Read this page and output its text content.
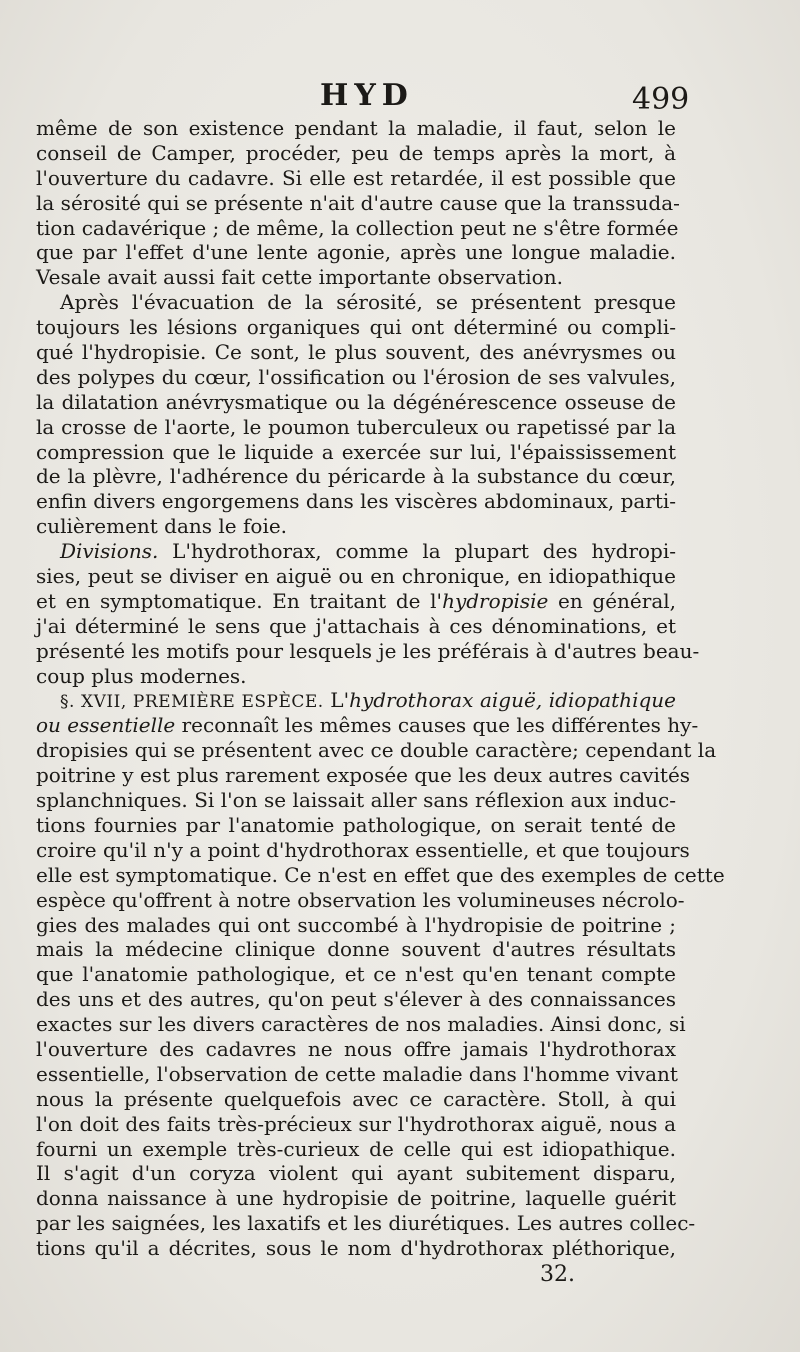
HYD	499
même de son existence pendant la maladie, il faut, selon le
conseil de Camper, procéder, peu de temps après la mort, à
l'ouverture du cadavre. Si elle est retardée, il est possible que
la sérosité qui se présente n'ait d'autre cause que la transsuda-
tion cadavérique ; de même, la collection peut ne s'être formée
que par l'effet d'une lente agonie, après une longue maladie.
Vesale avait aussi fait cette importante observation.
Après l'évacuation de la sérosité, se présentent presque
toujours les lésions organiques qui ont déterminé ou compli-
qué l'hydropisie. Ce sont, le plus souvent, des anévrysmes ou
des polypes du cœur, l'ossification ou l'érosion de ses valvules,
la dilatation anévrysmatique ou la dégénérescence osseuse de
la crosse de l'aorte, le poumon tuberculeux ou rapetissé par la
compression que le liquide a exercée sur lui, l'épaississement
de la plèvre, l'adhérence du péricarde à la substance du cœur,
enfin divers engorgemens dans les viscères abdominaux, parti-
culièrement dans le foie.
Divisions. L'hydrothorax, comme la plupart des hydropi-
sies, peut se diviser en aiguë ou en chronique, en idiopathique
et en symptomatique. En traitant de l'hydropisie en général,
j'ai déterminé le sens que j'attachais à ces dénominations, et
présenté les motifs pour lesquels je les préférais à d'autres beau-
coup plus modernes.
§. XVII, PREMIÈRE ESPÈCE. L'hydrothorax aiguë, idiopathique
ou essentielle reconnaît les mêmes causes que les différentes hy-
dropisies qui se présentent avec ce double caractère; cependant la
poitrine y est plus rarement exposée que les deux autres cavités
splanchniques. Si l'on se laissait aller sans réflexion aux induc-
tions fournies par l'anatomie pathologique, on serait tenté de
croire qu'il n'y a point d'hydrothorax essentielle, et que toujours
elle est symptomatique. Ce n'est en effet que des exemples de cette
espèce qu'offrent à notre observation les volumineuses nécrolo-
gies des malades qui ont succombé à l'hydropisie de poitrine ;
mais la médecine clinique donne souvent d'autres résultats
que l'anatomie pathologique, et ce n'est qu'en tenant compte
des uns et des autres, qu'on peut s'élever à des connaissances
exactes sur les divers caractères de nos maladies. Ainsi donc, si
l'ouverture des cadavres ne nous offre jamais l'hydrothorax
essentielle, l'observation de cette maladie dans l'homme vivant
nous la présente quelquefois avec ce caractère. Stoll, à qui
l'on doit des faits très-précieux sur l'hydrothorax aiguë, nous a
fourni un exemple très-curieux de celle qui est idiopathique.
Il s'agit d'un coryza violent qui ayant subitement disparu,
donna naissance à une hydropisie de poitrine, laquelle guérit
par les saignées, les laxatifs et les diurétiques. Les autres collec-
tions qu'il a décrites, sous le nom d'hydrothorax pléthorique,
32.
